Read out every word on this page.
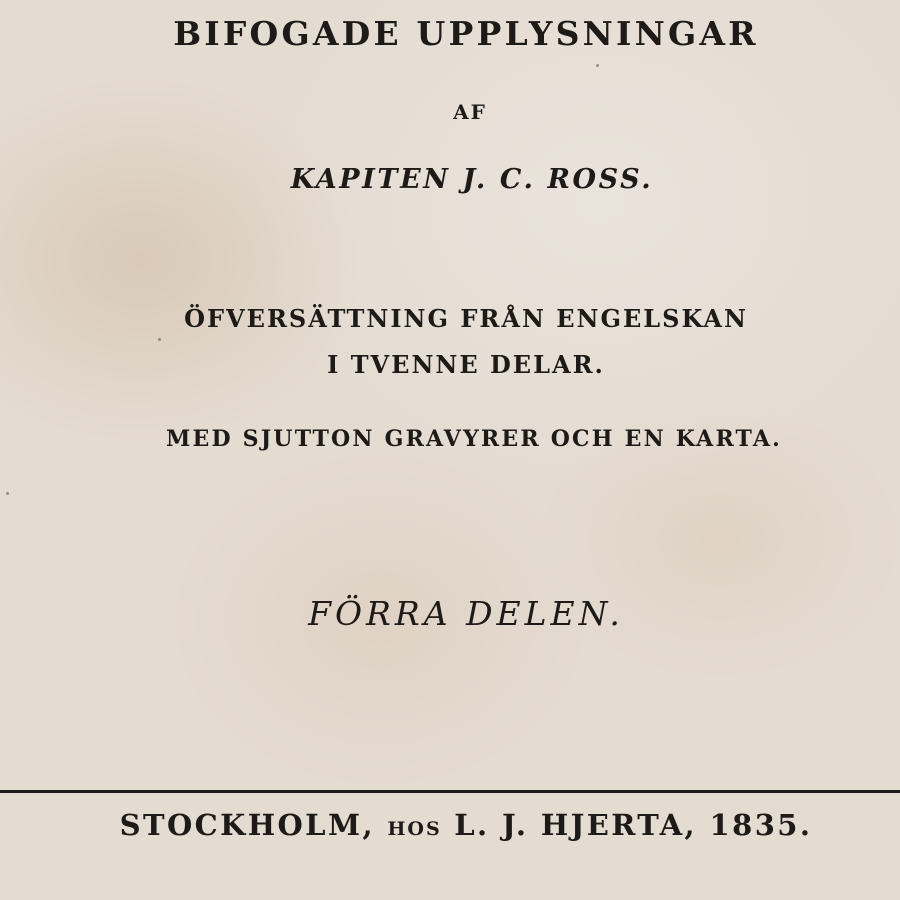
BIFOGADE UPPLYSNINGAR

AF

KAPITEN J. C. ROSS.

ÖFVERSÄTTNING FRÅN ENGELSKAN

I TVENNE DELAR.

MED SJUTTON GRAVYRER OCH EN KARTA.

FÖRRA DELEN.

STOCKHOLM, HOS L. J. HJERTA, 1835.
